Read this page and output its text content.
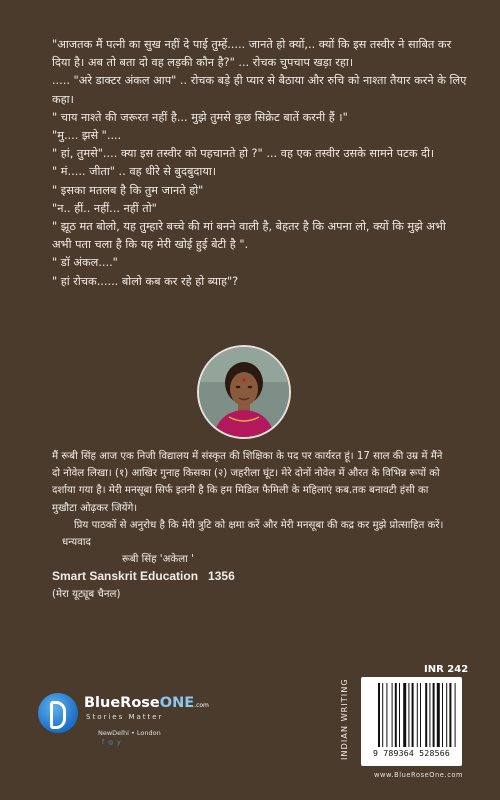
"आजतक मैं पत्नी का सुख नहीं दे पाई तुम्हें..... जानते हो क्यों,.. क्यों कि इस तस्वीर ने साबित कर दिया है। अब तो बता दो वह लड़की कौन है?" ... रोचक चुपचाप खड़ा रहा।

..... "अरे डाक्टर अंकल आप" .. रोचक बड़े ही प्यार से बैठाया और रुचि को नाश्ता तैयार करने के लिए कहा।

" चाय नाश्ते की जरूरत नहीं है... मुझे तुमसे कुछ सिक्रेट बातें करनी हैं ।"

"मु.... झसे "....

" हां, तुमसे".... क्या इस तस्वीर को पहचानते हो ?" ... वह एक तस्वीर उसके सामने पटक दी।

" मं..... जीता" .. वह धीरे से बुदबुदाया।

" इसका मतलब है कि तुम जानते हो"

"न.. हीं.. नहीं... नहीं तो"

" झूठ मत बोलो, यह तुम्हारे बच्चे की मां बनने वाली है, बेहतर है कि अपना लो, क्यों कि मुझे अभी अभी पता चला है कि यह मेरी खोई हुई बेटी है ".

" डॉ अंकल...."

" हां रोचक...... बोलो कब कर रहे हो ब्याह"?

मैं रूबी सिंह आज एक निजी विद्यालय में संस्कृत की शिक्षिका के पद पर कार्यरत हूं। 17 साल की उम्र में मैंने दो नोवेल लिखा। (१) आखिर गुनाह किसका (२) जहरीला घूंट। मेरे दोनों नोवेल में औरत के विभिन्न रूपों को दर्शाया गया है। मेरी मनसूबा सिर्फ इतनी है कि हम मिडिल फैमिली के महिलाएं कब.तक बनावटी हंसी का मुखौटा ओढ़कर जियेंगे।

प्रिय पाठकों से अनुरोध है कि मेरी त्रुटि को क्षमा करें और मेरी मनसूबा की कद्र कर मुझे प्रोत्साहित करें।

धन्यवाद

रूबी सिंह 'अकेला '

Smart Sanskrit Education 1356

(मेरा यूट्यूब चैनल)

BlueRoseONE.com
Stories Matter
NewDelhi • London
f ◎ y	INDIAN WRITING
INR 242
9 789364 528566
www.BlueRoseOne.com
